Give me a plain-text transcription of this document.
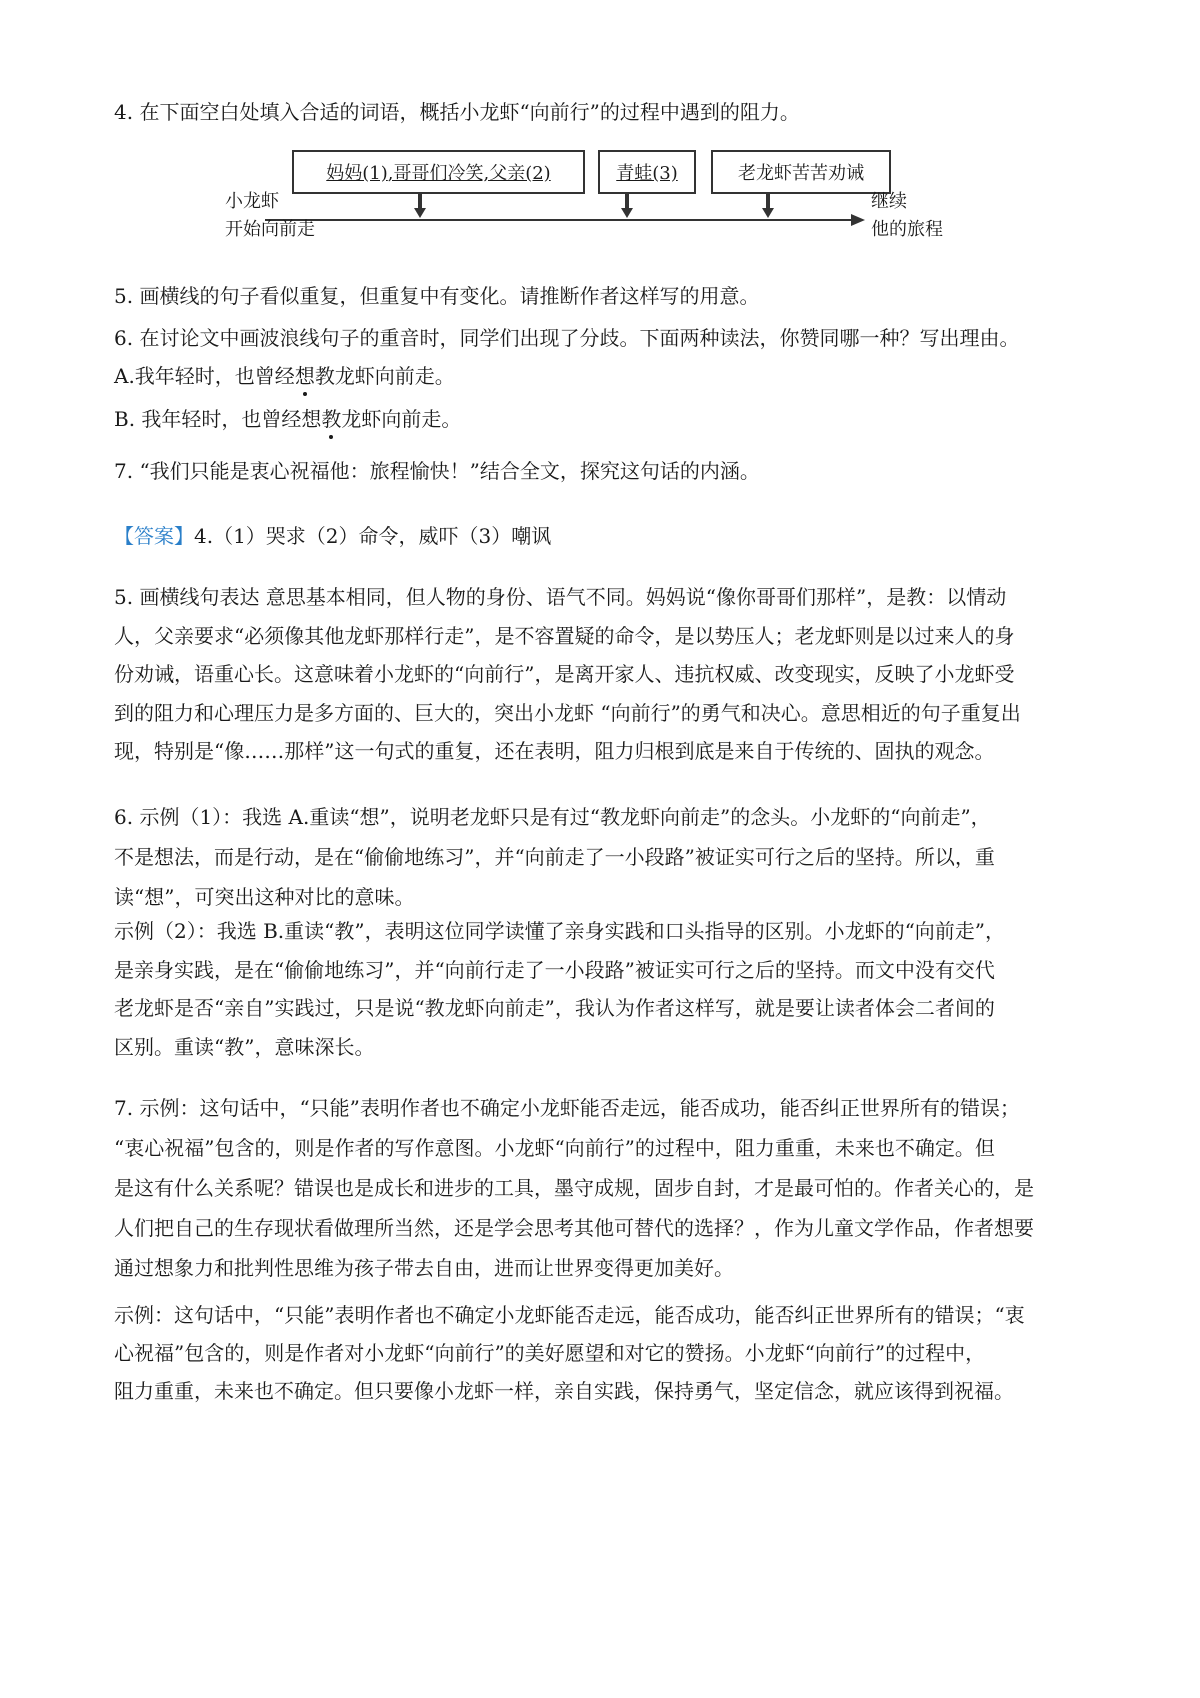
4. 在下面空白处填入合适的词语，概括小龙虾“向前行”的过程中遇到的阻力。
妈妈(1) ,哥哥们冷笑,父亲(2)	青蛙(3)	老龙虾苦苦劝诫
小龙虾
开始向前走
继续
他的旅程
5. 画横线的句子看似重复，但重复中有变化。请推断作者这样写的用意。
6. 在讨论文中画波浪线句子的重音时，同学们出现了分歧。下面两种读法，你赞同哪一种？写出理由。
A.我年轻时，也曾经想教龙虾向前走。
B. 我年轻时，也曾经想教龙虾向前走。
7. “我们只能是衷心祝福他：旅程愉快！”结合全文，探究这句话的内涵。
【答案】4.（1）哭求（2）命令，威吓（3）嘲讽
5. 画横线句表达 意思基本相同，但人物的身份、语气不同。妈妈说“像你哥哥们那样”，是教：以情动
人，父亲要求“必须像其他龙虾那样行走”，是不容置疑的命令，是以势压人；老龙虾则是以过来人的身
份劝诫，语重心长。这意味着小龙虾的“向前行”，是离开家人、违抗权威、改变现实，反映了小龙虾受
到的阻力和心理压力是多方面的、巨大的，突出小龙虾 “向前行”的勇气和决心。意思相近的句子重复出
现，特别是“像……那样”这一句式的重复，还在表明，阻力归根到底是来自于传统的、固执的观念。
6. 示例（1）：我选 A.重读“想”，说明老龙虾只是有过“教龙虾向前走”的念头。小龙虾的“向前走”，
不是想法，而是行动，是在“偷偷地练习”，并“向前走了一小段路”被证实可行之后的坚持。所以，重
读“想”，可突出这种对比的意味。
示例（2）：我选 B.重读“教”，表明这位同学读懂了亲身实践和口头指导的区别。小龙虾的“向前走”，
是亲身实践，是在“偷偷地练习”，并“向前行走了一小段路”被证实可行之后的坚持。而文中没有交代
老龙虾是否“亲自”实践过，只是说“教龙虾向前走”，我认为作者这样写，就是要让读者体会二者间的
区别。重读“教”，意味深长。
7. 示例：这句话中，“只能”表明作者也不确定小龙虾能否走远，能否成功，能否纠正世界所有的错误；
“衷心祝福”包含的，则是作者的写作意图。小龙虾“向前行”的过程中，阻力重重，未来也不确定。但
是这有什么关系呢？错误也是成长和进步的工具，墨守成规，固步自封，才是最可怕的。作者关心的，是
人们把自己的生存现状看做理所当然，还是学会思考其他可替代的选择？，作为儿童文学作品，作者想要
通过想象力和批判性思维为孩子带去自由，进而让世界变得更加美好。
示例：这句话中，“只能”表明作者也不确定小龙虾能否走远，能否成功，能否纠正世界所有的错误；“衷
心祝福”包含的，则是作者对小龙虾“向前行”的美好愿望和对它的赞扬。小龙虾“向前行”的过程中，
阻力重重，未来也不确定。但只要像小龙虾一样，亲自实践，保持勇气，坚定信念，就应该得到祝福。
